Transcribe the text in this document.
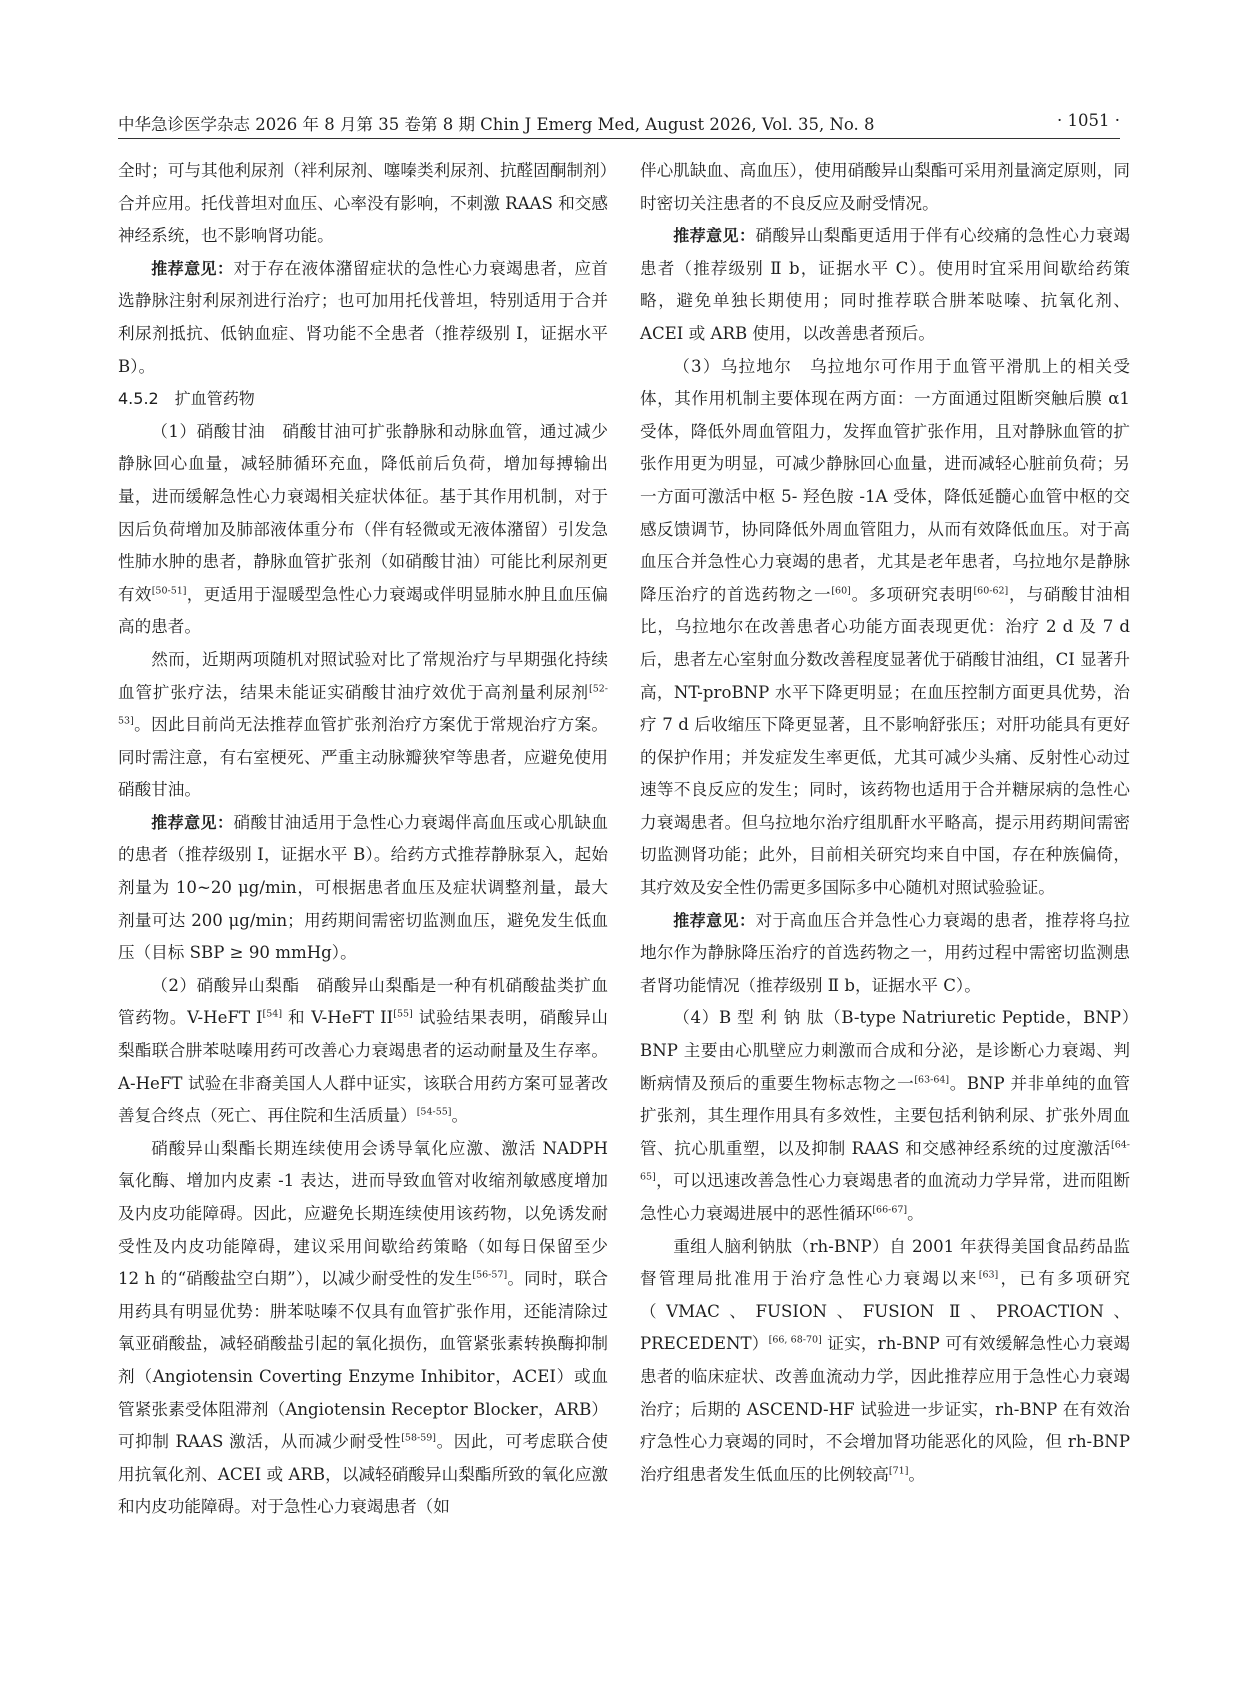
中华急诊医学杂志 2026 年 8 月第 35 卷第 8 期 Chin J Emerg Med, August 2026, Vol. 35, No. 8	· 1051 ·

全时；可与其他利尿剂（袢利尿剂、噻嗪类利尿剂、抗醛固酮制剂）合并应用。托伐普坦对血压、心率没有影响，不刺激 RAAS 和交感神经系统，也不影响肾功能。

推荐意见：对于存在液体潴留症状的急性心力衰竭患者，应首选静脉注射利尿剂进行治疗；也可加用托伐普坦，特别适用于合并利尿剂抵抗、低钠血症、肾功能不全患者（推荐级别 Ⅰ，证据水平 B）。

4.5.2　扩血管药物

（1）硝酸甘油　硝酸甘油可扩张静脉和动脉血管，通过减少静脉回心血量，减轻肺循环充血，降低前后负荷，增加每搏输出量，进而缓解急性心力衰竭相关症状体征。基于其作用机制，对于因后负荷增加及肺部液体重分布（伴有轻微或无液体潴留）引发急性肺水肿的患者，静脉血管扩张剂（如硝酸甘油）可能比利尿剂更有效[50-51]，更适用于湿暖型急性心力衰竭或伴明显肺水肿且血压偏高的患者。

然而，近期两项随机对照试验对比了常规治疗与早期强化持续血管扩张疗法，结果未能证实硝酸甘油疗效优于高剂量利尿剂[52-53]。因此目前尚无法推荐血管扩张剂治疗方案优于常规治疗方案。同时需注意，有右室梗死、严重主动脉瓣狭窄等患者，应避免使用硝酸甘油。

推荐意见：硝酸甘油适用于急性心力衰竭伴高血压或心肌缺血的患者（推荐级别 Ⅰ，证据水平 B）。给药方式推荐静脉泵入，起始剂量为 10~20 μg/min，可根据患者血压及症状调整剂量，最大剂量可达 200 μg/min；用药期间需密切监测血压，避免发生低血压（目标 SBP ≥ 90 mmHg）。

（2）硝酸异山梨酯　硝酸异山梨酯是一种有机硝酸盐类扩血管药物。V-HeFT I[54] 和 V-HeFT II[55] 试验结果表明，硝酸异山梨酯联合肼苯哒嗪用药可改善心力衰竭患者的运动耐量及生存率。A-HeFT 试验在非裔美国人人群中证实，该联合用药方案可显著改善复合终点（死亡、再住院和生活质量）[54-55]。

硝酸异山梨酯长期连续使用会诱导氧化应激、激活 NADPH 氧化酶、增加内皮素 -1 表达，进而导致血管对收缩剂敏感度增加及内皮功能障碍。因此，应避免长期连续使用该药物，以免诱发耐受性及内皮功能障碍，建议采用间歇给药策略（如每日保留至少 12 h 的“硝酸盐空白期”），以减少耐受性的发生[56-57]。同时，联合用药具有明显优势：肼苯哒嗪不仅具有血管扩张作用，还能清除过氧亚硝酸盐，减轻硝酸盐引起的氧化损伤，血管紧张素转换酶抑制剂（Angiotensin Coverting Enzyme Inhibitor，ACEI）或血管紧张素受体阻滞剂（Angiotensin Receptor Blocker，ARB）可抑制 RAAS 激活，从而减少耐受性[58-59]。因此，可考虑联合使用抗氧化剂、ACEI 或 ARB，以减轻硝酸异山梨酯所致的氧化应激和内皮功能障碍。对于急性心力衰竭患者（如

伴心肌缺血、高血压），使用硝酸异山梨酯可采用剂量滴定原则，同时密切关注患者的不良反应及耐受情况。

推荐意见：硝酸异山梨酯更适用于伴有心绞痛的急性心力衰竭患者（推荐级别 Ⅱ b，证据水平 C）。使用时宜采用间歇给药策略，避免单独长期使用；同时推荐联合肼苯哒嗪、抗氧化剂、ACEI 或 ARB 使用，以改善患者预后。

（3）乌拉地尔　乌拉地尔可作用于血管平滑肌上的相关受体，其作用机制主要体现在两方面：一方面通过阻断突触后膜 α1 受体，降低外周血管阻力，发挥血管扩张作用，且对静脉血管的扩张作用更为明显，可减少静脉回心血量，进而减轻心脏前负荷；另一方面可激活中枢 5- 羟色胺 -1A 受体，降低延髓心血管中枢的交感反馈调节，协同降低外周血管阻力，从而有效降低血压。对于高血压合并急性心力衰竭的患者，尤其是老年患者，乌拉地尔是静脉降压治疗的首选药物之一[60]。多项研究表明[60-62]，与硝酸甘油相比，乌拉地尔在改善患者心功能方面表现更优：治疗 2 d 及 7 d 后，患者左心室射血分数改善程度显著优于硝酸甘油组，CI 显著升高，NT-proBNP 水平下降更明显；在血压控制方面更具优势，治疗 7 d 后收缩压下降更显著，且不影响舒张压；对肝功能具有更好的保护作用；并发症发生率更低，尤其可减少头痛、反射性心动过速等不良反应的发生；同时，该药物也适用于合并糖尿病的急性心力衰竭患者。但乌拉地尔治疗组肌酐水平略高，提示用药期间需密切监测肾功能；此外，目前相关研究均来自中国，存在种族偏倚，其疗效及安全性仍需更多国际多中心随机对照试验验证。

推荐意见：对于高血压合并急性心力衰竭的患者，推荐将乌拉地尔作为静脉降压治疗的首选药物之一，用药过程中需密切监测患者肾功能情况（推荐级别 Ⅱ b，证据水平 C）。

（4）B 型 利 钠 肽（B-type Natriuretic Peptide，BNP）　BNP 主要由心肌壁应力刺激而合成和分泌，是诊断心力衰竭、判断病情及预后的重要生物标志物之一[63-64]。BNP 并非单纯的血管扩张剂，其生理作用具有多效性，主要包括利钠利尿、扩张外周血管、抗心肌重塑，以及抑制 RAAS 和交感神经系统的过度激活[64-65]，可以迅速改善急性心力衰竭患者的血流动力学异常，进而阻断急性心力衰竭进展中的恶性循环[66-67]。

重组人脑利钠肽（rh-BNP）自 2001 年获得美国食品药品监督管理局批准用于治疗急性心力衰竭以来[63]，已有多项研究（VMAC、FUSION、FUSION Ⅱ、PROACTION、PRECEDENT）[66, 68-70] 证实，rh-BNP 可有效缓解急性心力衰竭患者的临床症状、改善血流动力学，因此推荐应用于急性心力衰竭治疗；后期的 ASCEND-HF 试验进一步证实，rh-BNP 在有效治疗急性心力衰竭的同时，不会增加肾功能恶化的风险，但 rh-BNP 治疗组患者发生低血压的比例较高[71]。
